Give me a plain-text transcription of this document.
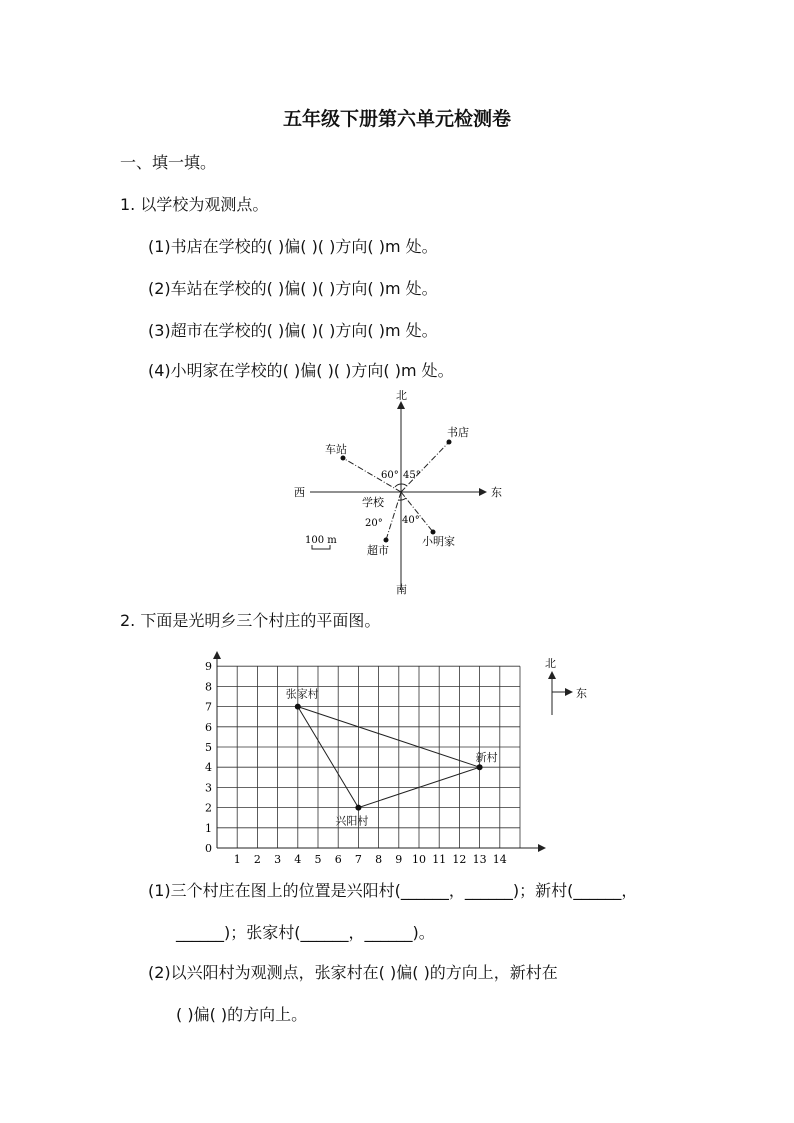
五年级下册第六单元检测卷
一、填一填。
1. 以学校为观测点。
(1)书店在学校的( )偏( )( )方向( )m 处。
(2)车站在学校的( )偏( )( )方向( )m 处。
(3)超市在学校的( )偏( )( )方向( )m 处。
(4)小明家在学校的( )偏( )( )方向( )m 处。
北
南
东
西
学校
书店
车站
超市
小明家
60° 45°
20° 40°
100 m
2. 下面是光明乡三个村庄的平面图。
1 2 3 4 5 6 7 8 9 10 11 12 13 14
0
1
2
3
4
5
6
7
8
9
张家村
新村
兴阳村
北
东
(1)三个村庄在图上的位置是兴阳村(______，______)；新村(______，
______)；张家村(______，______)。
(2)以兴阳村为观测点，张家村在( )偏( )的方向上，新村在
( )偏( )的方向上。
